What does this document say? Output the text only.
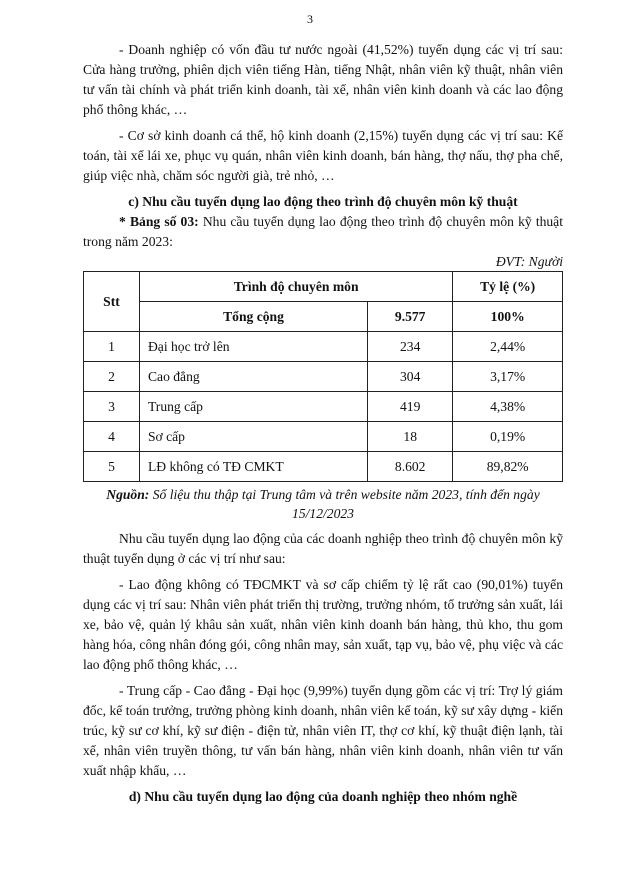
3

- Doanh nghiệp có vốn đầu tư nước ngoài (41,52%) tuyển dụng các vị trí sau: Cửa hàng trưởng, phiên dịch viên tiếng Hàn, tiếng Nhật, nhân viên kỹ thuật, nhân viên tư vấn tài chính và phát triển kinh doanh, tài xế, nhân viên kinh doanh và các lao động phổ thông khác, …

- Cơ sở kinh doanh cá thể, hộ kinh doanh (2,15%) tuyển dụng các vị trí sau: Kế toán, tài xế lái xe, phục vụ quán, nhân viên kinh doanh, bán hàng, thợ nấu, thợ pha chế, giúp việc nhà, chăm sóc người già, trẻ nhỏ, …

c) Nhu cầu tuyển dụng lao động theo trình độ chuyên môn kỹ thuật

* Bảng số 03: Nhu cầu tuyển dụng lao động theo trình độ chuyên môn kỹ thuật trong năm 2023:

ĐVT: Người
Stt	Trình độ chuyên môn		Tỷ lệ (%)
	Tổng cộng	9.577	100%
1	Đại học trở lên	234	2,44%
2	Cao đẳng	304	3,17%
3	Trung cấp	419	4,38%
4	Sơ cấp	18	0,19%
5	LĐ không có TĐ CMKT	8.602	89,82%

Nguồn: Số liệu thu thập tại Trung tâm và trên website năm 2023, tính đến ngày 15/12/2023

Nhu cầu tuyển dụng lao động của các doanh nghiệp theo trình độ chuyên môn kỹ thuật tuyển dụng ở các vị trí như sau:

- Lao động không có TĐCMKT và sơ cấp chiếm tỷ lệ rất cao (90,01%) tuyển dụng các vị trí sau: Nhân viên phát triển thị trường, trưởng nhóm, tổ trưởng sản xuất, lái xe, bảo vệ, quản lý khâu sản xuất, nhân viên kinh doanh bán hàng, thủ kho, thu gom hàng hóa, công nhân đóng gói, công nhân may, sản xuất, tạp vụ, bảo vệ, phụ việc và các lao động phổ thông khác, …

- Trung cấp - Cao đẳng - Đại học (9,99%) tuyển dụng gồm các vị trí: Trợ lý giám đốc, kế toán trưởng, trưởng phòng kinh doanh, nhân viên kế toán, kỹ sư xây dựng - kiến trúc, kỹ sư cơ khí, kỹ sư điện - điện tử, nhân viên IT, thợ cơ khí, kỹ thuật điện lạnh, tài xế, nhân viên truyền thông, tư vấn bán hàng, nhân viên kinh doanh, nhân viên tư vấn xuất nhập khẩu, …

d) Nhu cầu tuyển dụng lao động của doanh nghiệp theo nhóm nghề
